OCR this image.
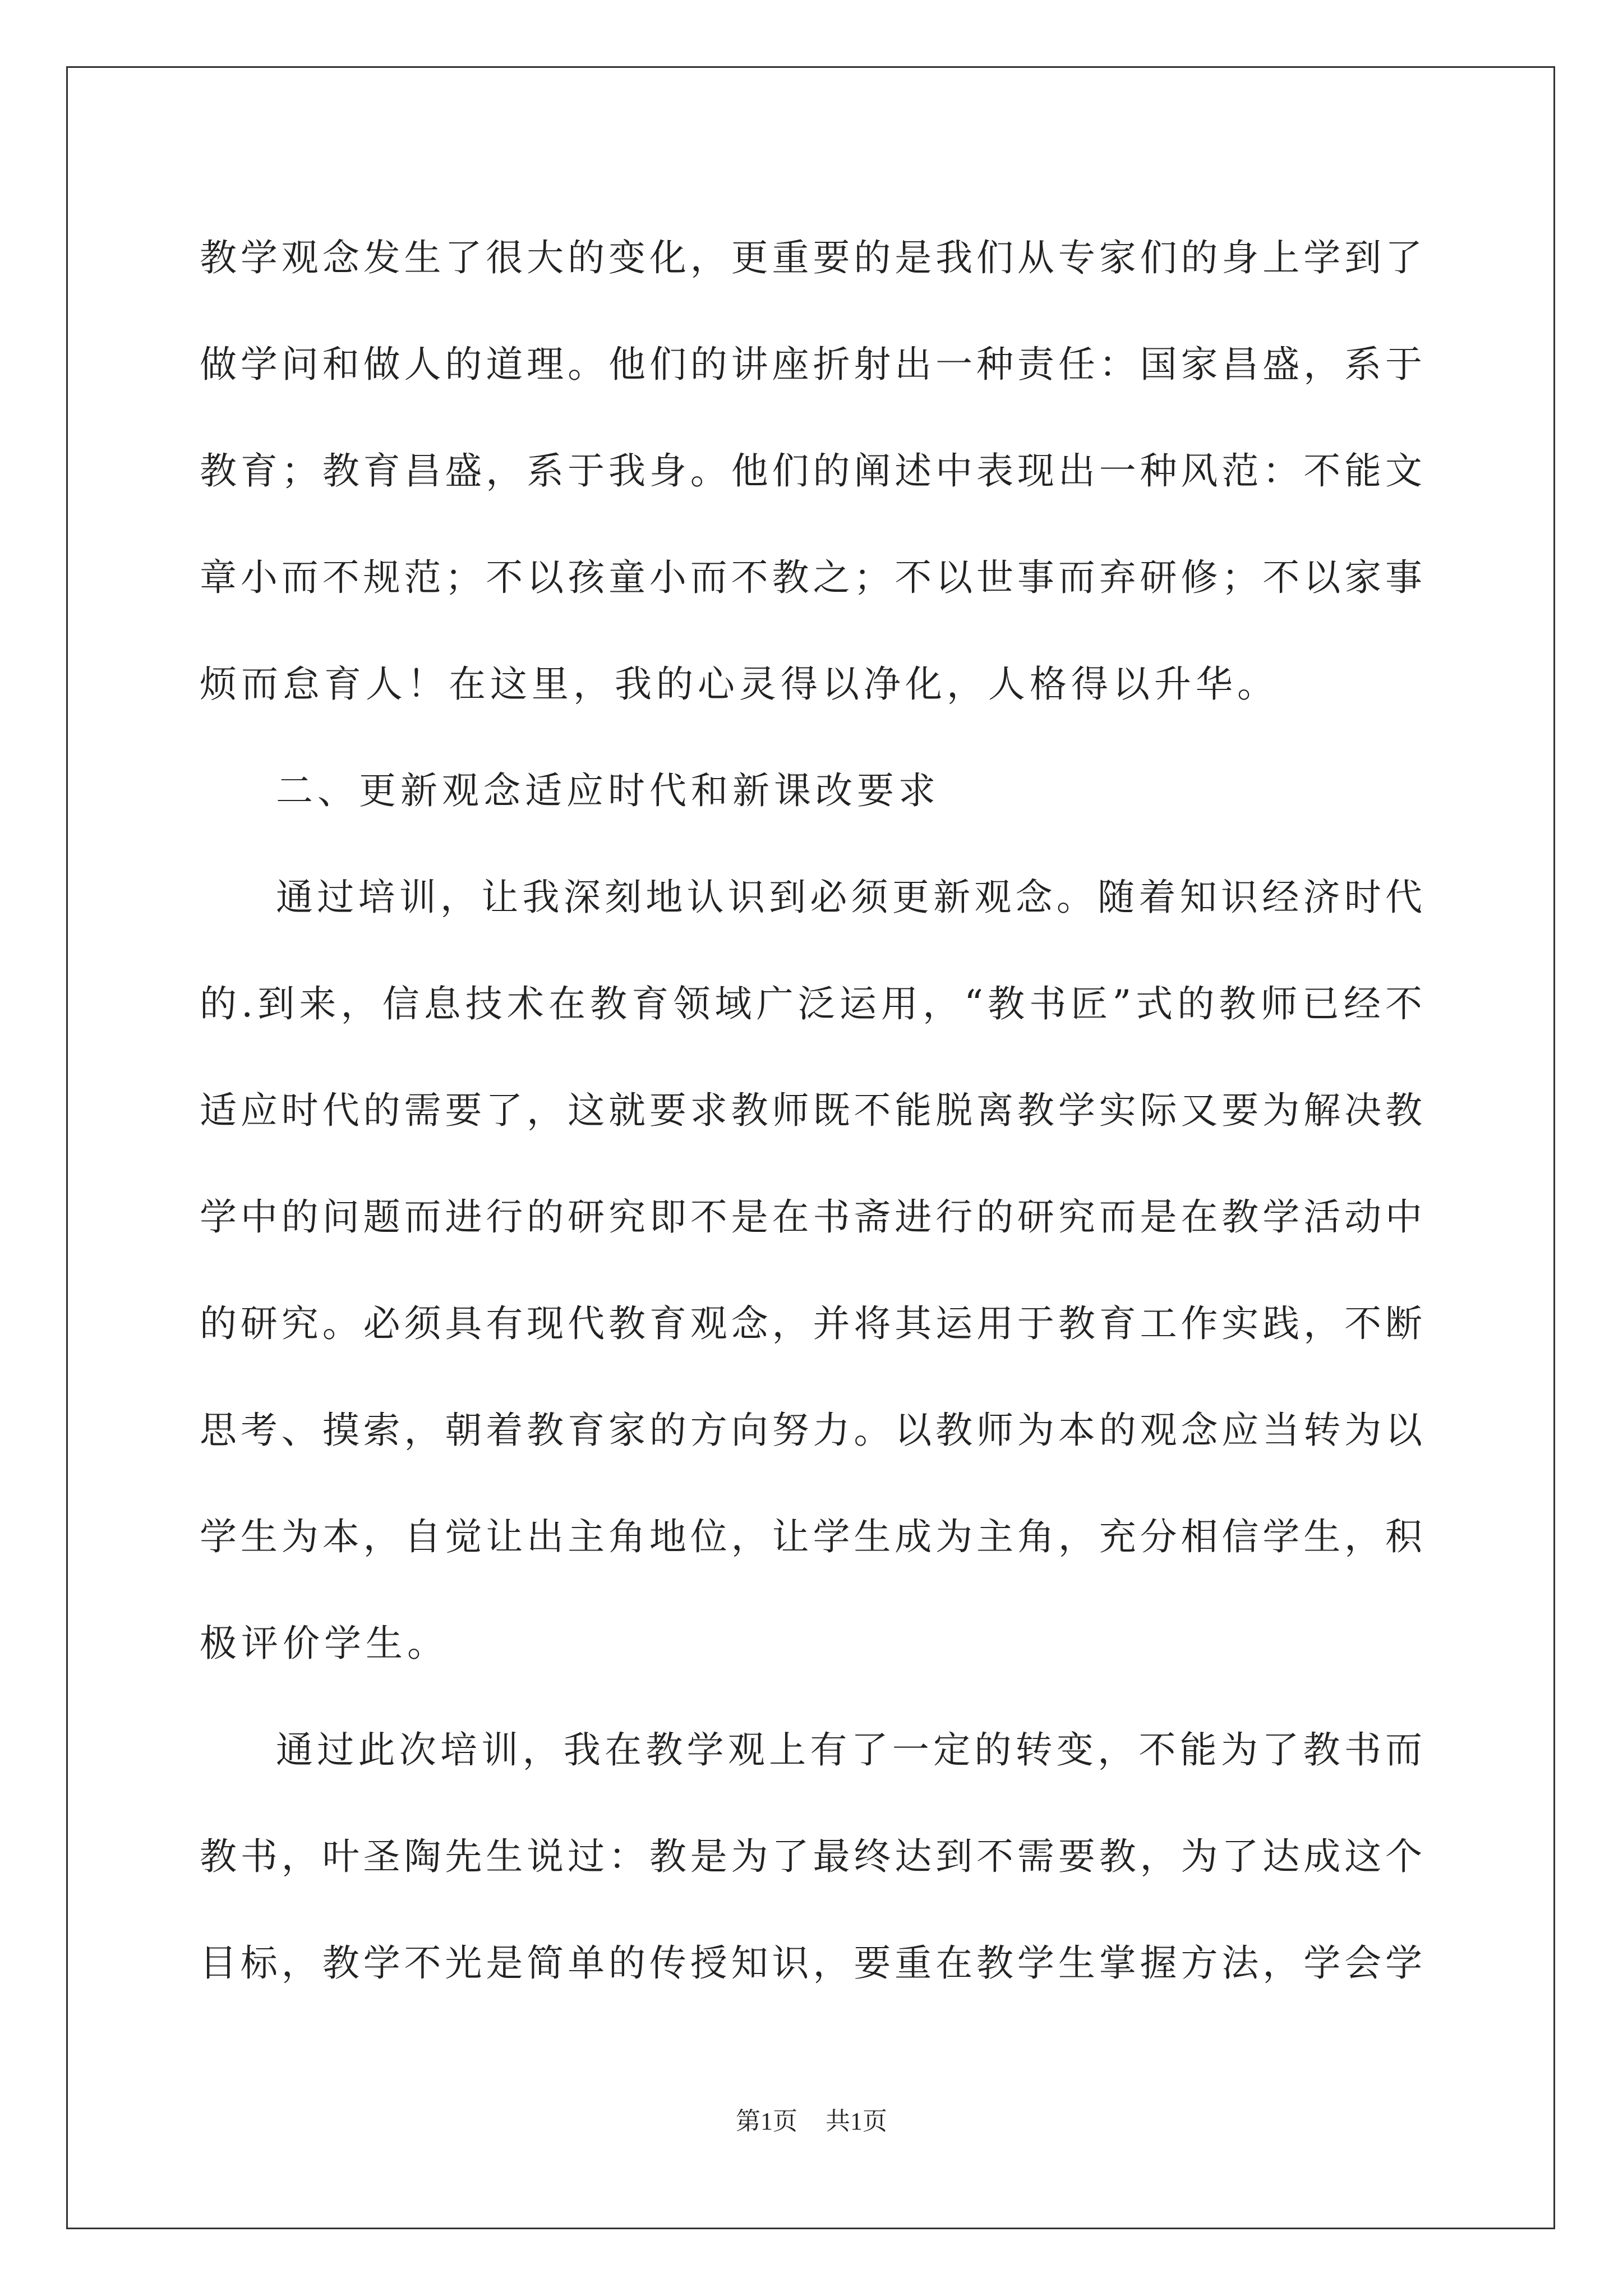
教学观念发生了很大的变化，更重要的是我们从专家们的身上学到了
做学问和做人的道理。他们的讲座折射出一种责任：国家昌盛，系于
教育；教育昌盛，系于我身。他们的阐述中表现出一种风范：不能文
章小而不规范；不以孩童小而不教之；不以世事而弃研修；不以家事
烦而怠育人！在这里，我的心灵得以净化，人格得以升华。
二、更新观念适应时代和新课改要求
通过培训，让我深刻地认识到必须更新观念。随着知识经济时代
的.到来，信息技术在教育领域广泛运用，“教书匠”式的教师已经不
适应时代的需要了，这就要求教师既不能脱离教学实际又要为解决教
学中的问题而进行的研究即不是在书斋进行的研究而是在教学活动中
的研究。必须具有现代教育观念，并将其运用于教育工作实践，不断
思考、摸索，朝着教育家的方向努力。以教师为本的观念应当转为以
学生为本，自觉让出主角地位，让学生成为主角，充分相信学生，积
极评价学生。
通过此次培训，我在教学观上有了一定的转变，不能为了教书而
教书，叶圣陶先生说过：教是为了最终达到不需要教，为了达成这个
目标，教学不光是简单的传授知识，要重在教学生掌握方法，学会学
第1页 共1页
